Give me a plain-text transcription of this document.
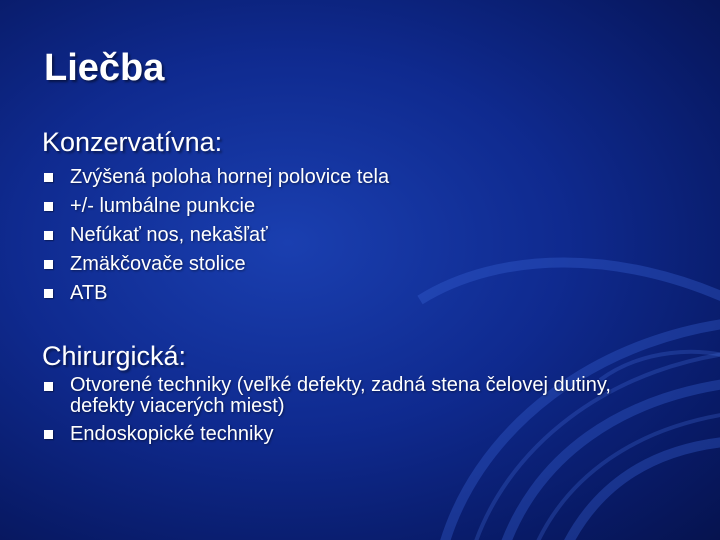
Liečba
Konzervatívna:
Zvýšená poloha hornej polovice tela
+/- lumbálne punkcie
Nefúkať nos, nekašľať
Zmäkčovače stolice
ATB
Chirurgická:
Otvorené techniky (veľké defekty, zadná stena čelovej dutiny, defekty viacerých miest)
Endoskopické techniky
